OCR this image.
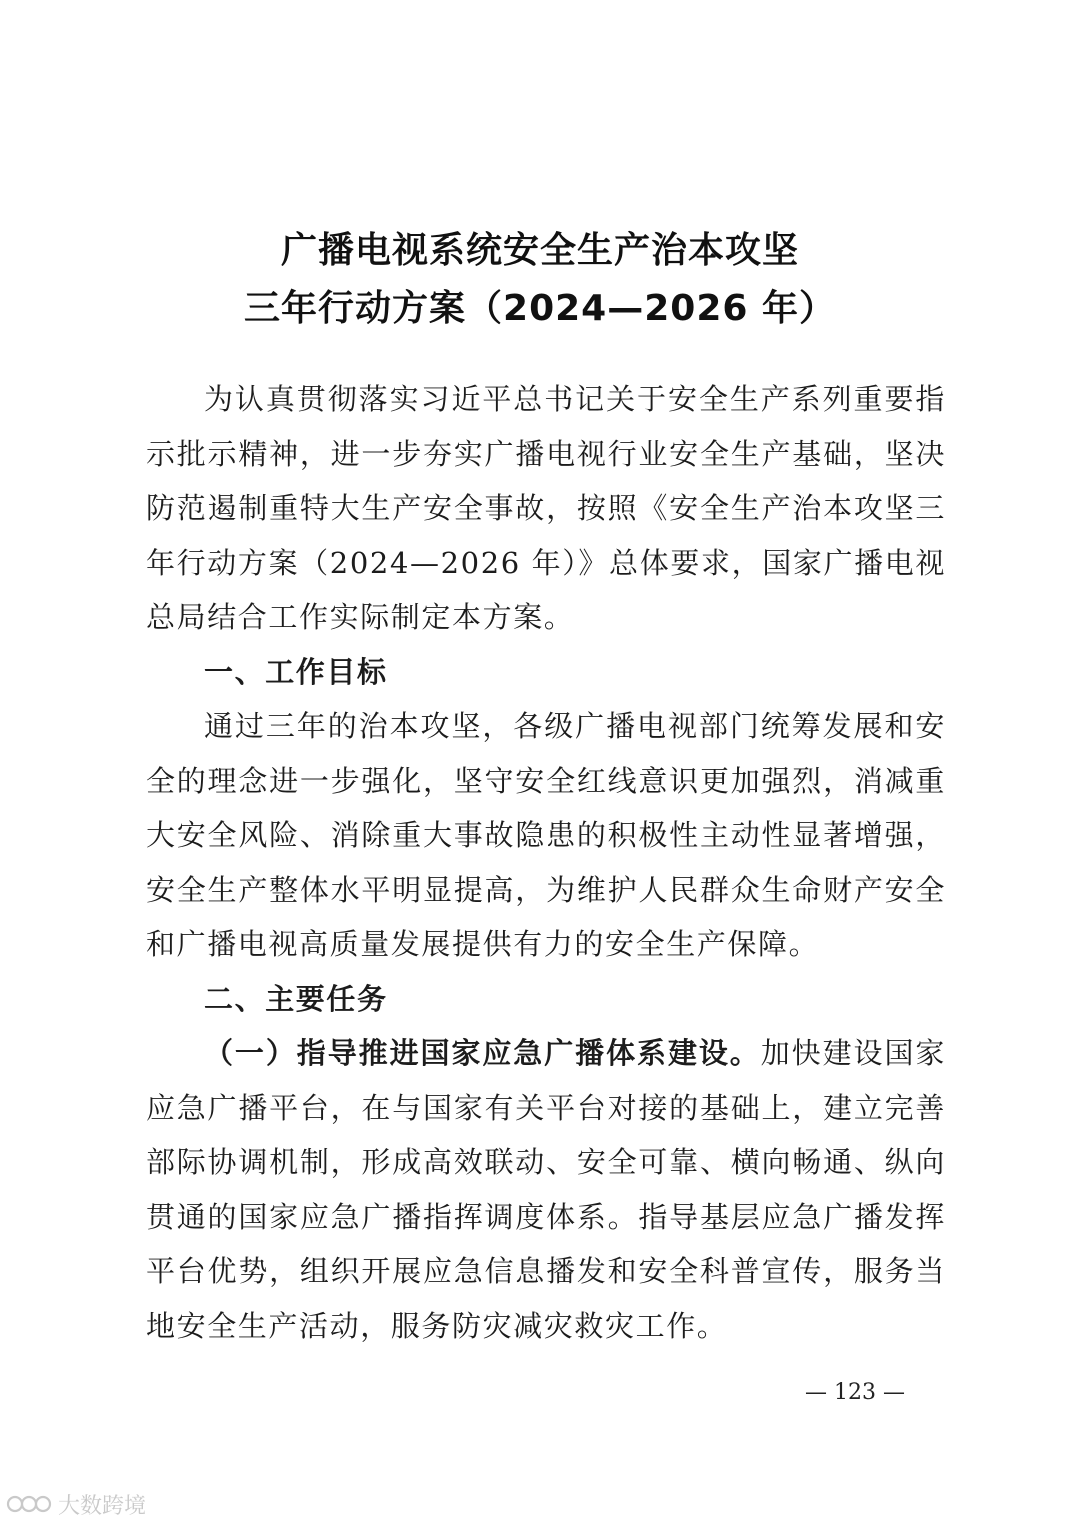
广播电视系统安全生产治本攻坚
三年行动方案（2024—2026 年）

为认真贯彻落实习近平总书记关于安全生产系列重要指示批示精神，进一步夯实广播电视行业安全生产基础，坚决防范遏制重特大生产安全事故，按照《安全生产治本攻坚三年行动方案（2024—2026 年）》总体要求，国家广播电视总局结合工作实际制定本方案。

一、工作目标

通过三年的治本攻坚，各级广播电视部门统筹发展和安全的理念进一步强化，坚守安全红线意识更加强烈，消减重大安全风险、消除重大事故隐患的积极性主动性显著增强，安全生产整体水平明显提高，为维护人民群众生命财产安全和广播电视高质量发展提供有力的安全生产保障。

二、主要任务

（一）指导推进国家应急广播体系建设。加快建设国家应急广播平台，在与国家有关平台对接的基础上，建立完善部际协调机制，形成高效联动、安全可靠、横向畅通、纵向贯通的国家应急广播指挥调度体系。指导基层应急广播发挥平台优势，组织开展应急信息播发和安全科普宣传，服务当地安全生产活动，服务防灾减灾救灾工作。

— 123 —
大数跨境
